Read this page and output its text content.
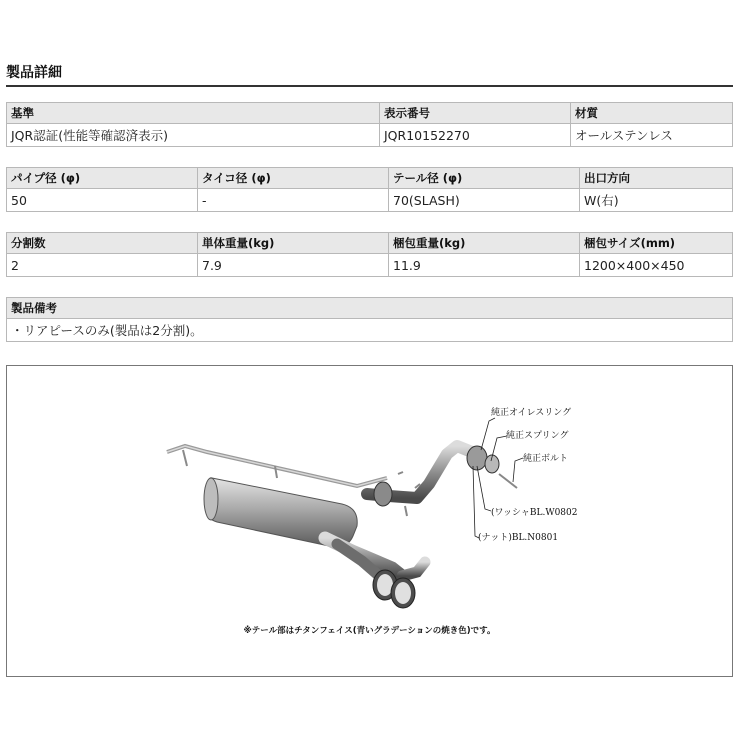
製品詳細
基準	表示番号	材質
JQR認証(性能等確認済表示)	JQR10152270	オールステンレス
パイプ径 (φ)	タイコ径 (φ)	テール径 (φ)	出口方向
50	-	70(SLASH)	W(右)
分割数	単体重量(kg)	梱包重量(kg)	梱包サイズ(mm)
2	7.9	11.9	1200×400×450
製品備考
・リアピースのみ(製品は2分割)。
純正オイレスリング
純正スプリング
純正ボルト
(ワッシャBL.W0802
(ナット)BL.N0801
※テール部はチタンフェイス(青いグラデーションの焼き色)です。
